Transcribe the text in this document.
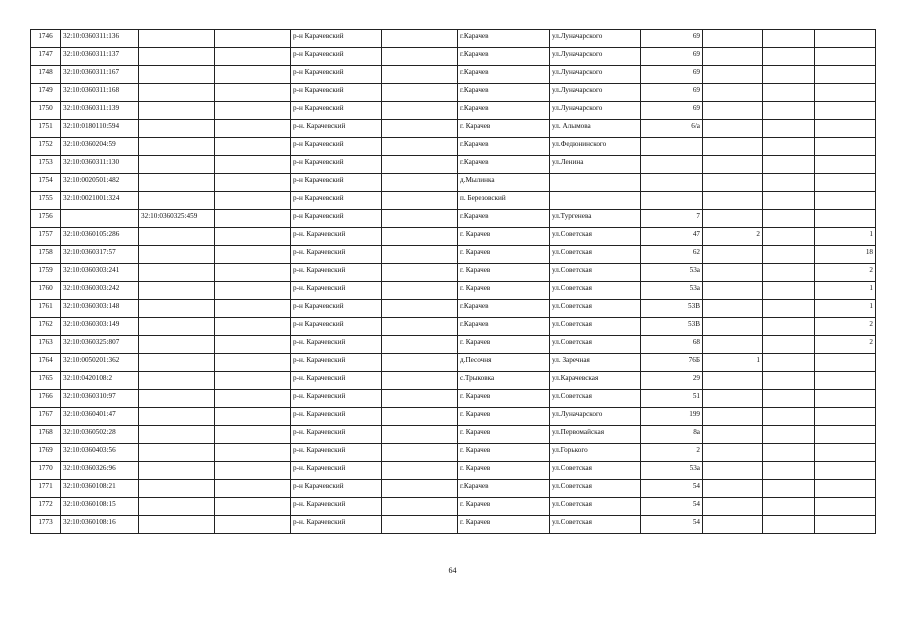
1746	32:10:0360311:136			р-н Карачевский		г.Карачев	ул.Луначарского	69			
1747	32:10:0360311:137			р-н Карачевский		г.Карачев	ул.Луначарского	69			
1748	32:10:0360311:167			р-н Карачевский		г.Карачев	ул.Луначарского	69			
1749	32:10:0360311:168			р-н Карачевский		г.Карачев	ул.Луначарского	69			
1750	32:10:0360311:139			р-н Карачевский		г.Карачев	ул.Луначарского	69			
1751	32:10:0180110:594			р-н. Карачевский		г. Карачев	ул. Алымова	6/а			
1752	32:10:0360204:59			р-н Карачевский		г.Карачев	ул.Федюнинского				
1753	32:10:0360311:130			р-н Карачевский		г.Карачев	ул.Ленина				
1754	32:10:0020501:482			р-н Карачевский		д.Мылинка					
1755	32:10:0021001:324			р-н Карачевский		п. Березовский					
1756		32:10:0360325:459		р-н Карачевский		г.Карачев	ул.Тургенева	7			
1757	32:10:0360105:286			р-н. Карачевский		г. Карачев	ул.Советская	47	2		1
1758	32:10:0360317:57			р-н. Карачевский		г. Карачев	ул.Советская	62			18
1759	32:10:0360303:241			р-н. Карачевский		г. Карачев	ул.Советская	53а			2
1760	32:10:0360303:242			р-н. Карачевский		г. Карачев	ул.Советская	53а			1
1761	32:10:0360303:148			р-н Карачевский		г.Карачев	ул.Советская	53В			1
1762	32:10:0360303:149			р-н Карачевский		г.Карачев	ул.Советская	53В			2
1763	32:10:0360325:807			р-н. Карачевский		г. Карачев	ул.Советская	68			2
1764	32:10:0050201:362			р-н. Карачевский		д.Песочня	ул. Заречная	76Б	1		
1765	32:10:0420108:2			р-н. Карачевский		с.Трыковка	ул.Карачевская	29			
1766	32:10:0360310:97			р-н. Карачевский		г. Карачев	ул.Советская	51			
1767	32:10:0360401:47			р-н. Карачевский		г. Карачев	ул.Луначарского	199			
1768	32:10:0360502:28			р-н. Карачевский		г. Карачев	ул.Первомайская	8а			
1769	32:10:0360403:56			р-н. Карачевский		г. Карачев	ул.Горького	2			
1770	32:10:0360326:96			р-н. Карачевский		г. Карачев	ул.Советская	53а			
1771	32:10:0360108:21			р-н Карачевский		г.Карачев	ул.Советская	54			
1772	32:10:0360108:15			р-н. Карачевский		г. Карачев	ул.Советская	54			
1773	32:10:0360108:16			р-н. Карачевский		г. Карачев	ул.Советская	54			
64
